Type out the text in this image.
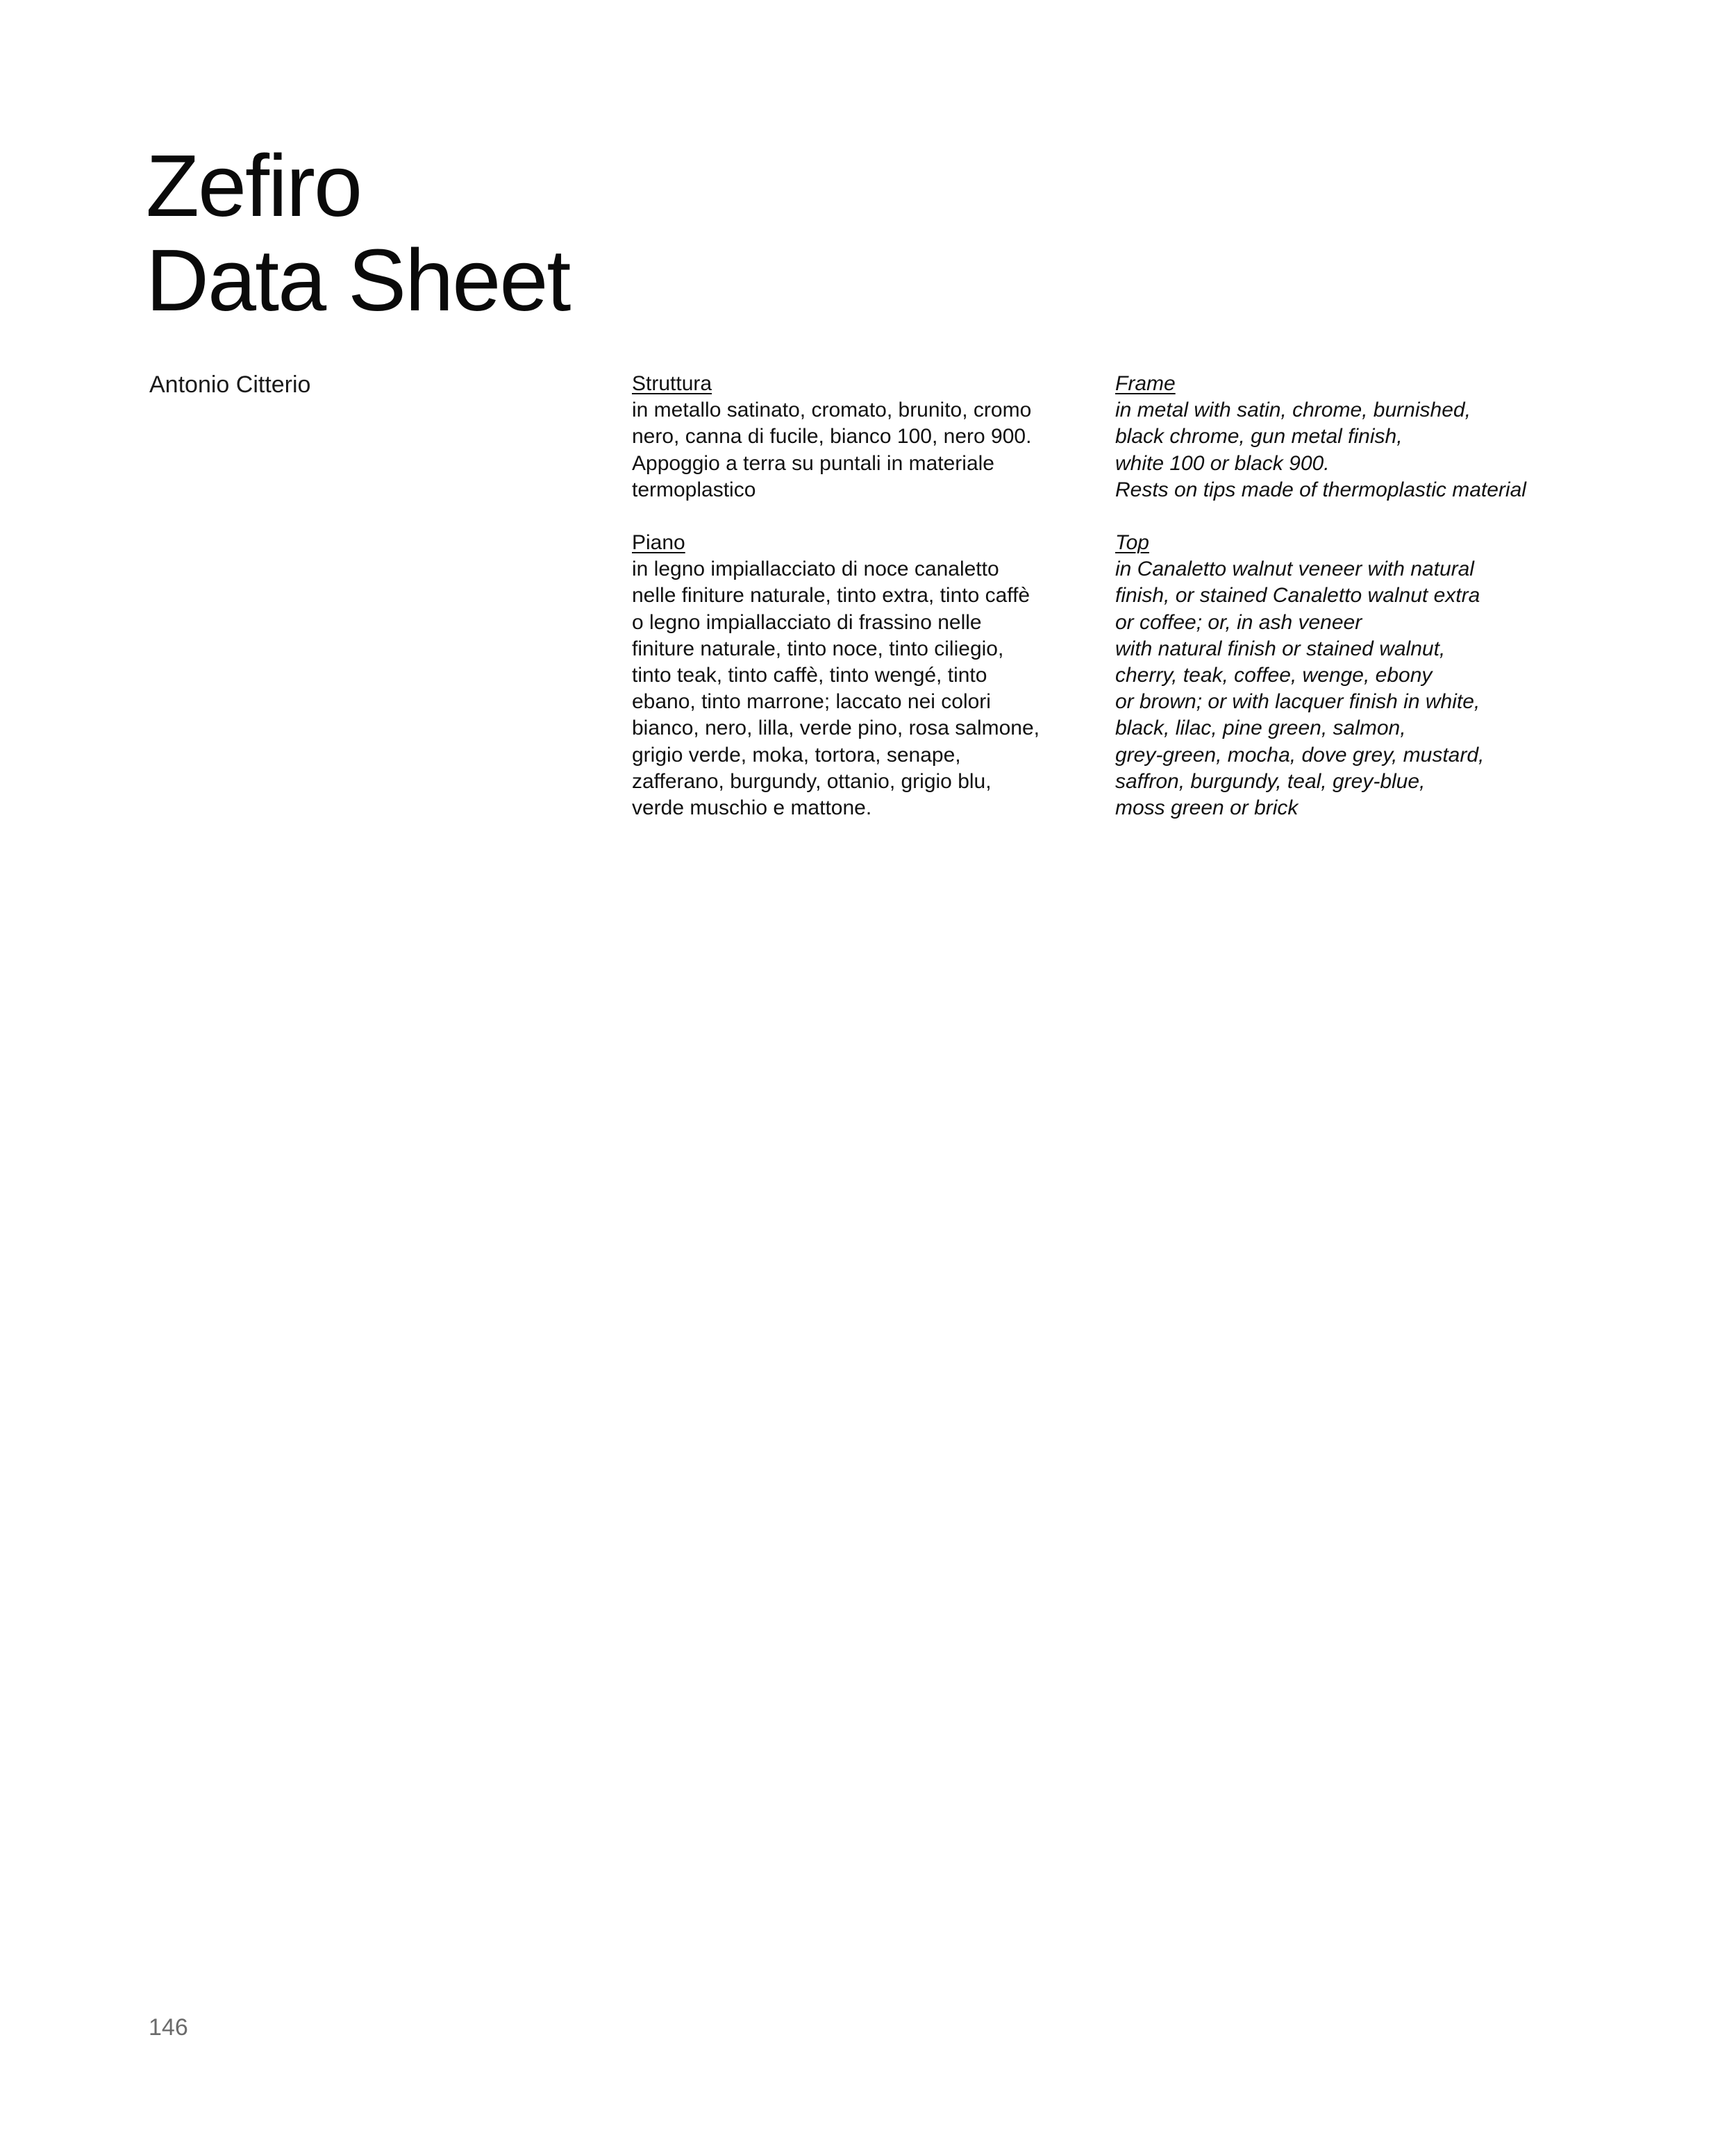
Zefiro
Data Sheet
Antonio Citterio	Struttura
in metallo satinato, cromato, brunito, cromo
nero, canna di fucile, bianco 100, nero 900.
Appoggio a terra su puntali in materiale
termoplastico
Piano
in legno impiallacciato di noce canaletto
nelle finiture naturale, tinto extra, tinto caffè
o legno impiallacciato di frassino nelle
finiture naturale, tinto noce, tinto ciliegio,
tinto teak, tinto caffè, tinto wengé, tinto
ebano, tinto marrone; laccato nei colori
bianco, nero, lilla, verde pino, rosa salmone,
grigio verde, moka, tortora, senape,
zafferano, burgundy, ottanio, grigio blu,
verde muschio e mattone.
Frame
in metal with satin, chrome, burnished,
black chrome, gun metal finish,
white 100 or black 900.
Rests on tips made of thermoplastic material
Top
in Canaletto walnut veneer with natural
finish, or stained Canaletto walnut extra
or coffee; or, in ash veneer
with natural finish or stained walnut,
cherry, teak, coffee, wenge, ebony
or brown; or with lacquer finish in white,
black, lilac, pine green, salmon,
grey-green, mocha, dove grey, mustard,
saffron, burgundy, teal, grey-blue,
moss green or brick
146
